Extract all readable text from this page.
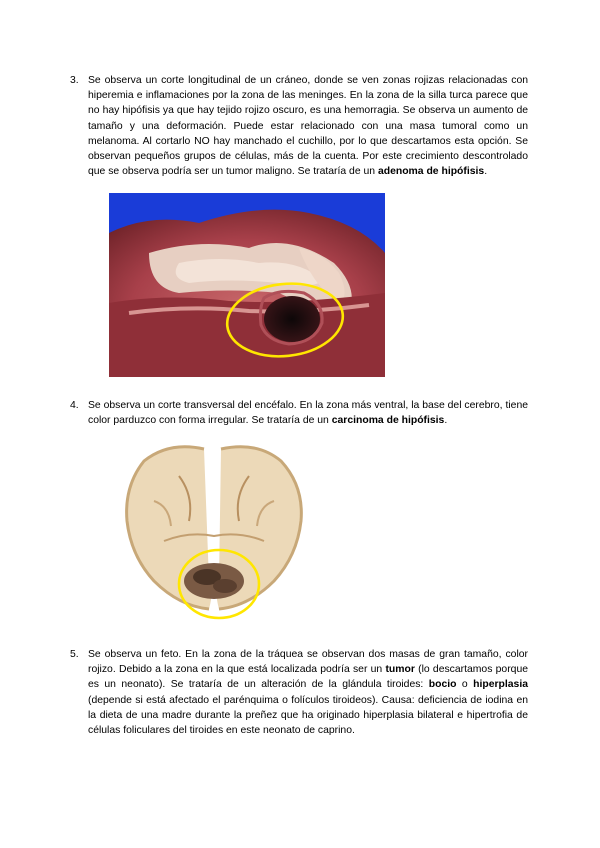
3. Se observa un corte longitudinal de un cráneo, donde se ven zonas rojizas relacionadas con hiperemia e inflamaciones por la zona de las meninges. En la zona de la silla turca parece que no hay hipófisis ya que hay tejido rojizo oscuro, es una hemorragia. Se observa un aumento de tamaño y una deformación. Puede estar relacionado con una masa tumoral como un melanoma. Al cortarlo NO hay manchado el cuchillo, por lo que descartamos esta opción. Se observan pequeños grupos de células, más de la cuenta. Por este crecimiento descontrolado que se observa podría ser un tumor maligno. Se trataría de un adenoma de hipófisis.

4. Se observa un corte transversal del encéfalo. En la zona más ventral, la base del cerebro, tiene color parduzco con forma irregular. Se trataría de un carcinoma de hipófisis.

5. Se observa un feto. En la zona de la tráquea se observan dos masas de gran tamaño, color rojizo. Debido a la zona en la que está localizada podría ser un tumor (lo descartamos porque es un neonato). Se trataría de un alteración de la glándula tiroides: bocio o hiperplasia (depende si está afectado el parénquima o folículos tiroideos). Causa: deficiencia de iodina en la dieta de una madre durante la preñez que ha originado hiperplasia bilateral e hipertrofia de células foliculares del tiroides en este neonato de caprino.
